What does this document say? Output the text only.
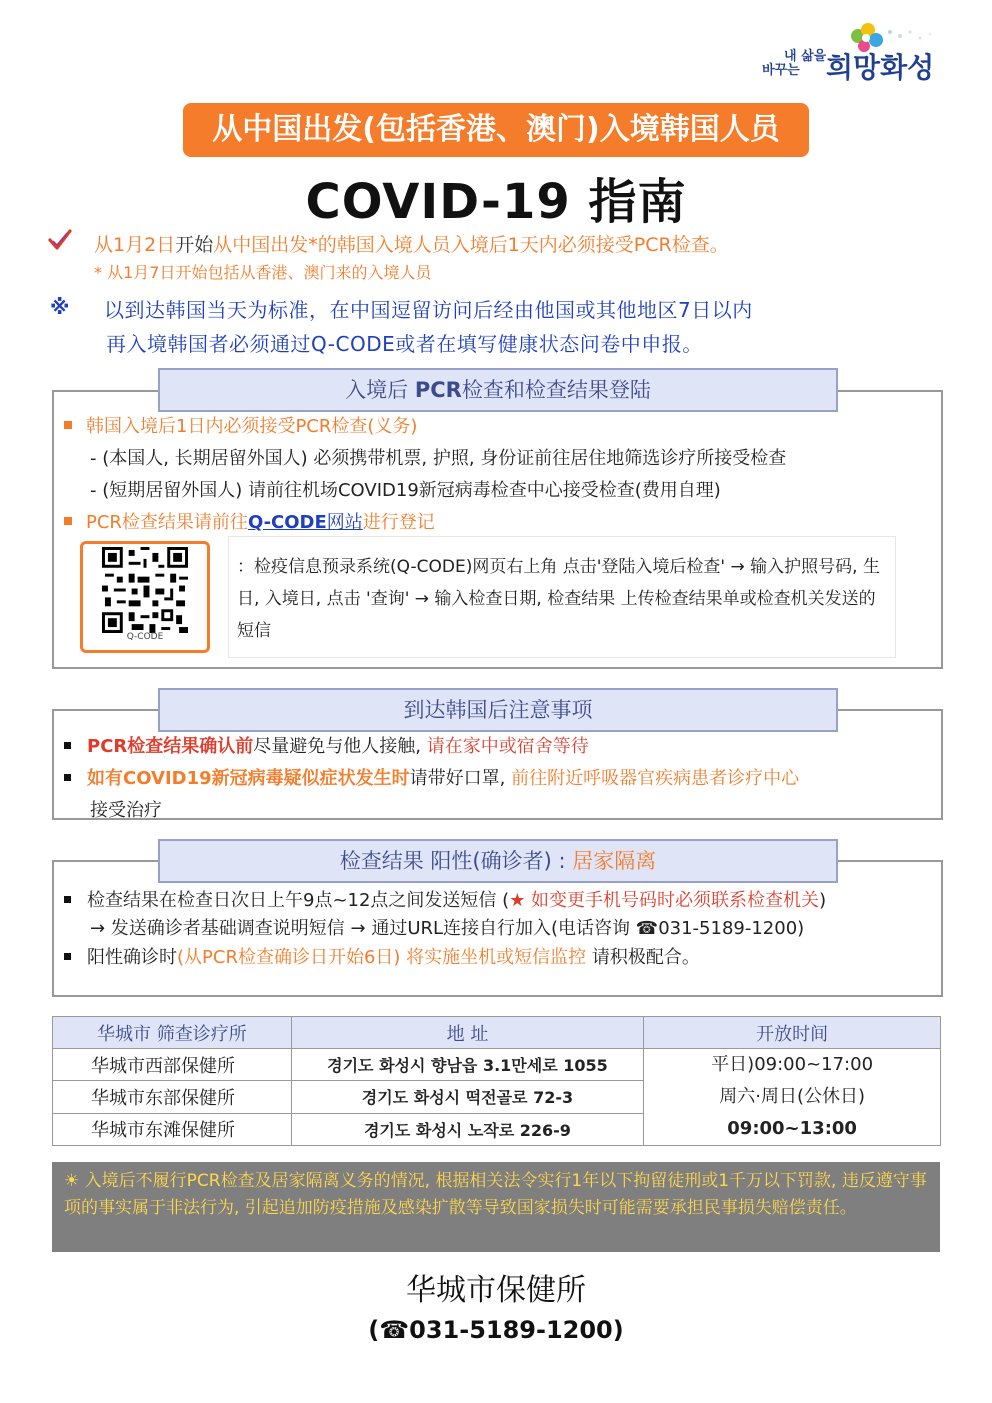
내 삶을
바꾸는 희망화성
从中国出发(包括香港、澳门)入境韩国人员
COVID-19 指南
从1月2日开始从中国出发*的韩国入境人员入境后1天内必须接受PCR检查。
* 从1月7日开始包括从香港、澳门来的入境人员
※ 以到达韩国当天为标准，在中国逗留访问后经由他国或其他地区7日以内
再入境韩国者必须通过Q-CODE或者在填写健康状态问卷中申报。
入境后 PCR检查和检查结果登陆
韩国入境后1日内必须接受PCR检查(义务)
- (本国人, 长期居留外国人) 必须携带机票, 护照, 身份证前往居住地筛选诊疗所接受检查
- (短期居留外国人) 请前往机场COVID19新冠病毒检查中心接受检查(费用自理)
PCR检查结果请前往Q-CODE网站进行登记
Q-CODE
：检疫信息预录系统(Q-CODE)网页右上角 点击'登陆入境后检查' → 输入护照号码, 生日, 入境日, 点击 '查询' → 输入检查日期, 检查结果 上传检查结果单或检查机关发送的短信
到达韩国后注意事项
PCR检查结果确认前尽量避免与他人接触, 请在家中或宿舍等待
如有COVID19新冠病毒疑似症状发生时请带好口罩, 前往附近呼吸器官疾病患者诊疗中心
接受治疗
检查结果 阳性(确诊者) : 居家隔离
检查结果在检查日次日上午9点~12点之间发送短信 (★ 如变更手机号码时必须联系检查机关)
→ 发送确诊者基础调查说明短信 → 通过URL连接自行加入(电话咨询 ☎031-5189-1200)
阳性确诊时(从PCR检查确诊日开始6日) 将实施坐机或短信监控 请积极配合。
华城市 筛查诊疗所	地 址	开放时间
华城市西部保健所	경기도 화성시 향남읍 3.1만세로 1055	平日)09:00~17:00
周六·周日(公休日)
09:00~13:00

华城市东部保健所	경기도 화성시 떡전골로 72-3	
华城市东滩保健所	경기도 화성시 노작로 226-9	
☀ 入境后不履行PCR检查及居家隔离义务的情况, 根据相关法令实行1年以下拘留徒刑或1千万以下罚款, 违反遵守事项的事实属于非法行为, 引起追加防疫措施及感染扩散等导致国家损失时可能需要承担民事损失赔偿责任。
华城市保健所
(☎031-5189-1200)
